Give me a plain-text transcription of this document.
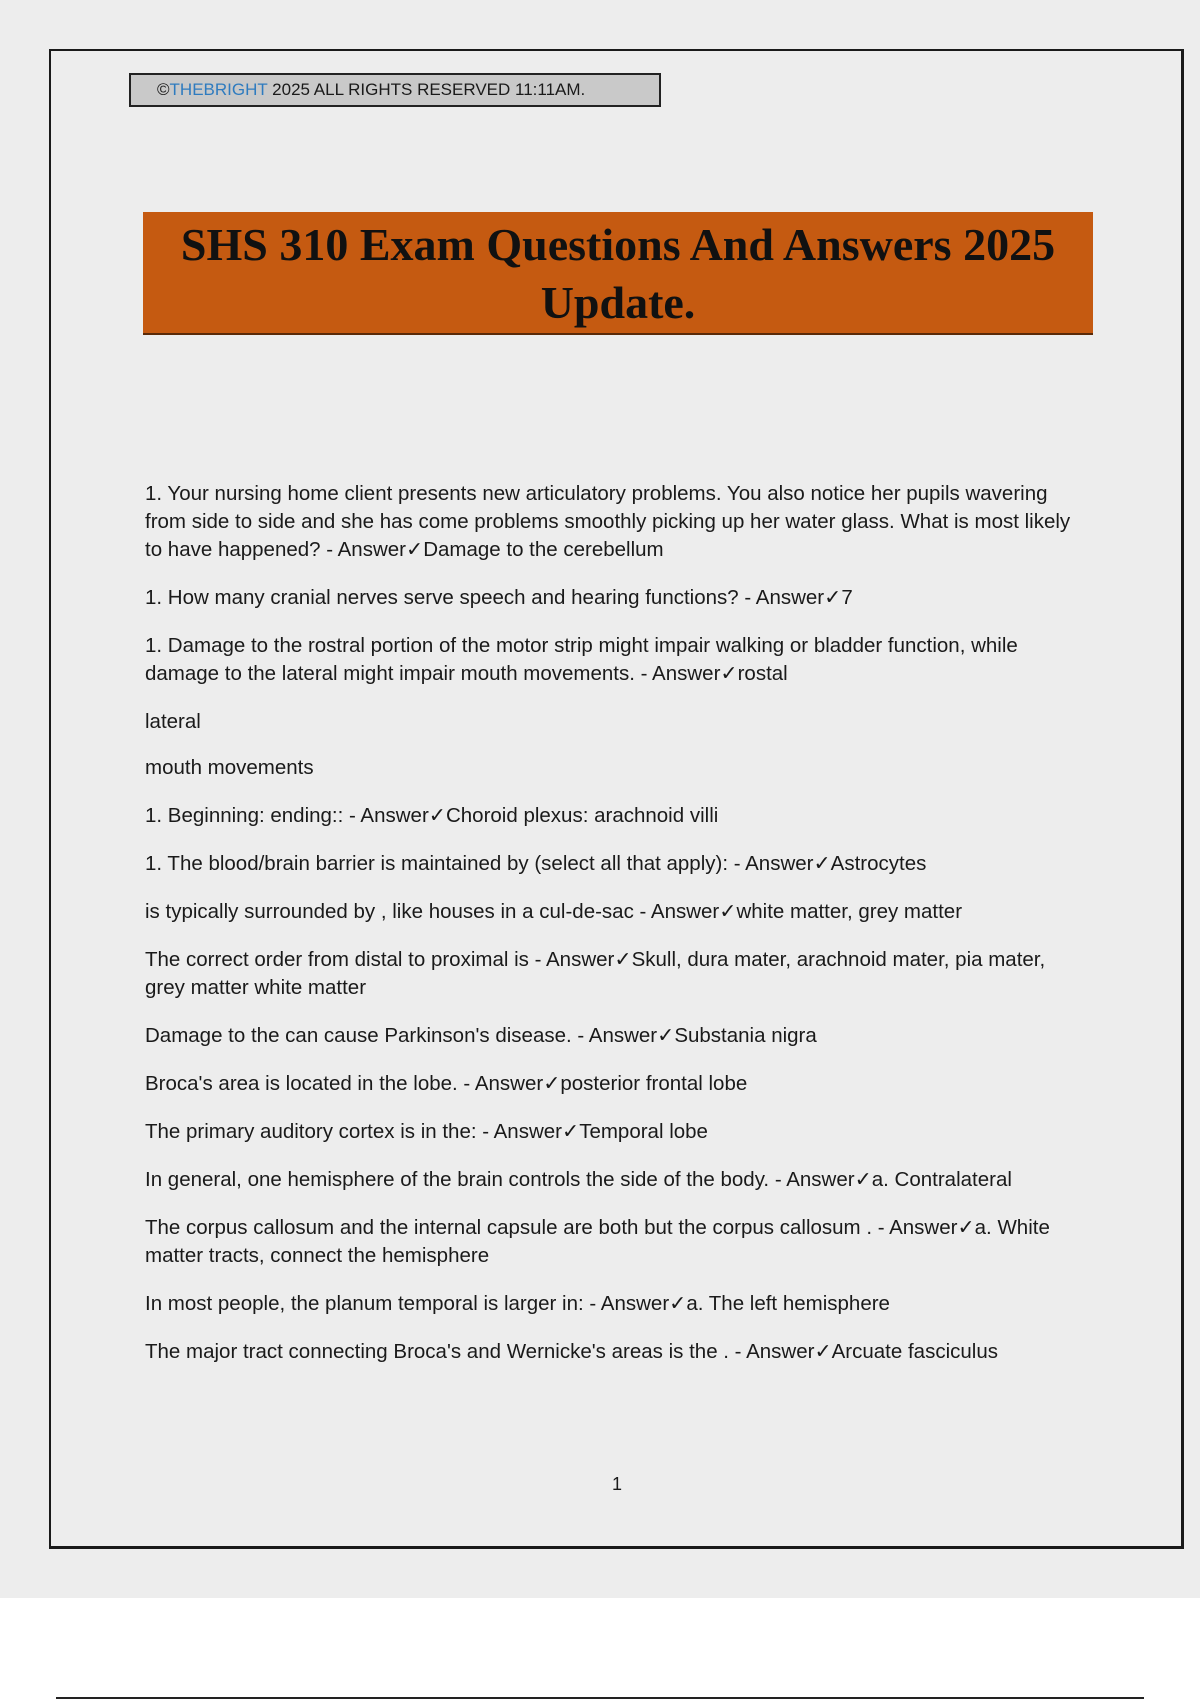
©THEBRIGHT 2025 ALL RIGHTS RESERVED 11:11AM.
SHS 310 Exam Questions And Answers 2025
Update.
1. Your nursing home client presents new articulatory problems. You also notice her pupils wavering from side to side and she has come problems smoothly picking up her water glass. What is most likely to have happened? - Answer✓Damage to the cerebellum
1. How many cranial nerves serve speech and hearing functions? - Answer✓7
1. Damage to the rostral portion of the motor strip might impair walking or bladder function, while damage to the lateral might impair mouth movements. - Answer✓rostal
lateral
mouth movements
1. Beginning: ending:: - Answer✓Choroid plexus: arachnoid villi
1. The blood/brain barrier is maintained by (select all that apply): - Answer✓Astrocytes
is typically surrounded by , like houses in a cul-de-sac - Answer✓white matter, grey matter
The correct order from distal to proximal is - Answer✓Skull, dura mater, arachnoid mater, pia mater, grey matter white matter
Damage to the can cause Parkinson's disease. - Answer✓Substania nigra
Broca's area is located in the lobe. - Answer✓posterior frontal lobe
The primary auditory cortex is in the: - Answer✓Temporal lobe
In general, one hemisphere of the brain controls the side of the body. - Answer✓a. Contralateral
The corpus callosum and the internal capsule are both but the corpus callosum . - Answer✓a. White matter tracts, connect the hemisphere
In most people, the planum temporal is larger in: - Answer✓a. The left hemisphere
The major tract connecting Broca's and Wernicke's areas is the . - Answer✓Arcuate fasciculus
1
